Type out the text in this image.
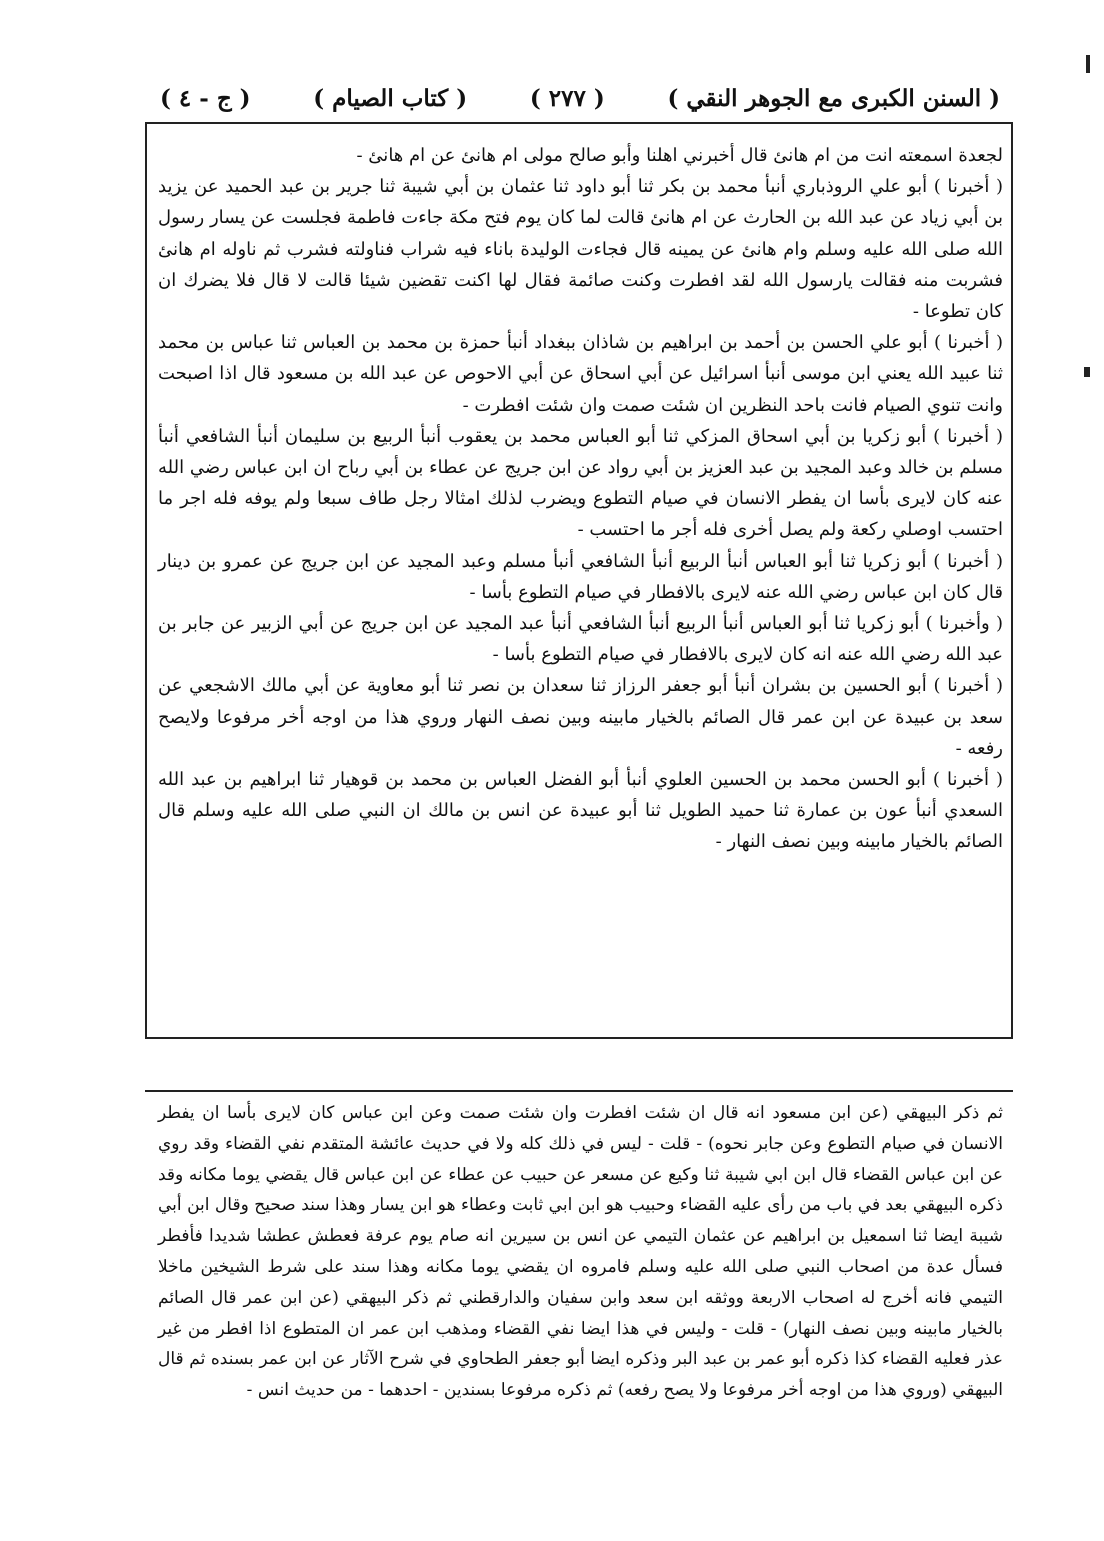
( السنن الكبرى مع الجوهر النقي )
( ٢٧٧ )
( كتاب الصيام )
( ج - ٤ )

لجعدة اسمعته انت من ام هانئ قال أخبرني اهلنا وأبو صالح مولى ام هانئ عن ام هانئ -

( أخبرنا ) أبو علي الروذباري أنبأ محمد بن بكر ثنا أبو داود ثنا عثمان بن أبي شيبة ثنا جرير بن عبد الحميد عن يزيد بن أبي زياد عن عبد الله بن الحارث عن ام هانئ قالت لما كان يوم فتح مكة جاءت فاطمة فجلست عن يسار رسول الله صلى الله عليه وسلم وام هانئ عن يمينه قال فجاءت الوليدة باناء فيه شراب فناولته فشرب ثم ناوله ام هانئ فشربت منه فقالت يارسول الله لقد افطرت وكنت صائمة فقال لها اكنت تقضين شيئا قالت لا قال فلا يضرك ان كان تطوعا -

( أخبرنا ) أبو علي الحسن بن أحمد بن ابراهيم بن شاذان ببغداد أنبأ حمزة بن محمد بن العباس ثنا عباس بن محمد ثنا عبيد الله يعني ابن موسى أنبأ اسرائيل عن أبي اسحاق عن أبي الاحوص عن عبد الله بن مسعود قال اذا اصبحت وانت تنوي الصيام فانت باحد النظرين ان شئت صمت وان شئت افطرت -

( أخبرنا ) أبو زكريا بن أبي اسحاق المزكي ثنا أبو العباس محمد بن يعقوب أنبأ الربيع بن سليمان أنبأ الشافعي أنبأ مسلم بن خالد وعبد المجيد بن عبد العزيز بن أبي رواد عن ابن جريج عن عطاء بن أبي رباح ان ابن عباس رضي الله عنه كان لايرى بأسا ان يفطر الانسان في صيام التطوع ويضرب لذلك امثالا رجل طاف سبعا ولم يوفه فله اجر ما احتسب اوصلي ركعة ولم يصل أخرى فله أجر ما احتسب -

( أخبرنا ) أبو زكريا ثنا أبو العباس أنبأ الربيع أنبأ الشافعي أنبأ مسلم وعبد المجيد عن ابن جريج عن عمرو بن دينار قال كان ابن عباس رضي الله عنه لايرى بالافطار في صيام التطوع بأسا -

( وأخبرنا ) أبو زكريا ثنا أبو العباس أنبأ الربيع أنبأ الشافعي أنبأ عبد المجيد عن ابن جريج عن أبي الزبير عن جابر بن عبد الله رضي الله عنه انه كان لايرى بالافطار في صيام التطوع بأسا -

( أخبرنا ) أبو الحسين بن بشران أنبأ أبو جعفر الرزاز ثنا سعدان بن نصر ثنا أبو معاوية عن أبي مالك الاشجعي عن سعد بن عبيدة عن ابن عمر قال الصائم بالخيار مابينه وبين نصف النهار وروي هذا من اوجه أخر مرفوعا ولايصح رفعه -

( أخبرنا ) أبو الحسن محمد بن الحسين العلوي أنبأ أبو الفضل العباس بن محمد بن قوهيار ثنا ابراهيم بن عبد الله السعدي أنبأ عون بن عمارة ثنا حميد الطويل ثنا أبو عبيدة عن انس بن مالك ان النبي صلى الله عليه وسلم قال الصائم بالخيار مابينه وبين نصف النهار -

ثم ذكر البيهقي (عن ابن مسعود انه قال ان شئت افطرت وان شئت صمت وعن ابن عباس كان لايرى بأسا ان يفطر الانسان في صيام التطوع وعن جابر نحوه) - قلت - ليس في ذلك كله ولا في حديث عائشة المتقدم نفي القضاء وقد روي عن ابن عباس القضاء قال ابن ابي شيبة ثنا وكيع عن مسعر عن حبيب عن عطاء عن ابن عباس قال يقضي يوما مكانه وقد ذكره البيهقي بعد في باب من رأى عليه القضاء وحبيب هو ابن ابي ثابت وعطاء هو ابن يسار وهذا سند صحيح وقال ابن أبي شيبة ايضا ثنا اسمعيل بن ابراهيم عن عثمان التيمي عن انس بن سيرين انه صام يوم عرفة فعطش عطشا شديدا فأفطر فسأل عدة من اصحاب النبي صلى الله عليه وسلم فامروه ان يقضي يوما مكانه وهذا سند على شرط الشيخين ماخلا التيمي فانه أخرج له اصحاب الاربعة ووثقه ابن سعد وابن سفيان والدارقطني ثم ذكر البيهقي (عن ابن عمر قال الصائم بالخيار مابينه وبين نصف النهار) - قلت - وليس في هذا ايضا نفي القضاء ومذهب ابن عمر ان المتطوع اذا افطر من غير عذر فعليه القضاء كذا ذكره أبو عمر بن عبد البر وذكره ايضا أبو جعفر الطحاوي في شرح الآثار عن ابن عمر بسنده ثم قال البيهقي (وروي هذا من اوجه أخر مرفوعا ولا يصح رفعه) ثم ذكره مرفوعا بسندين - احدهما - من حديث انس -
